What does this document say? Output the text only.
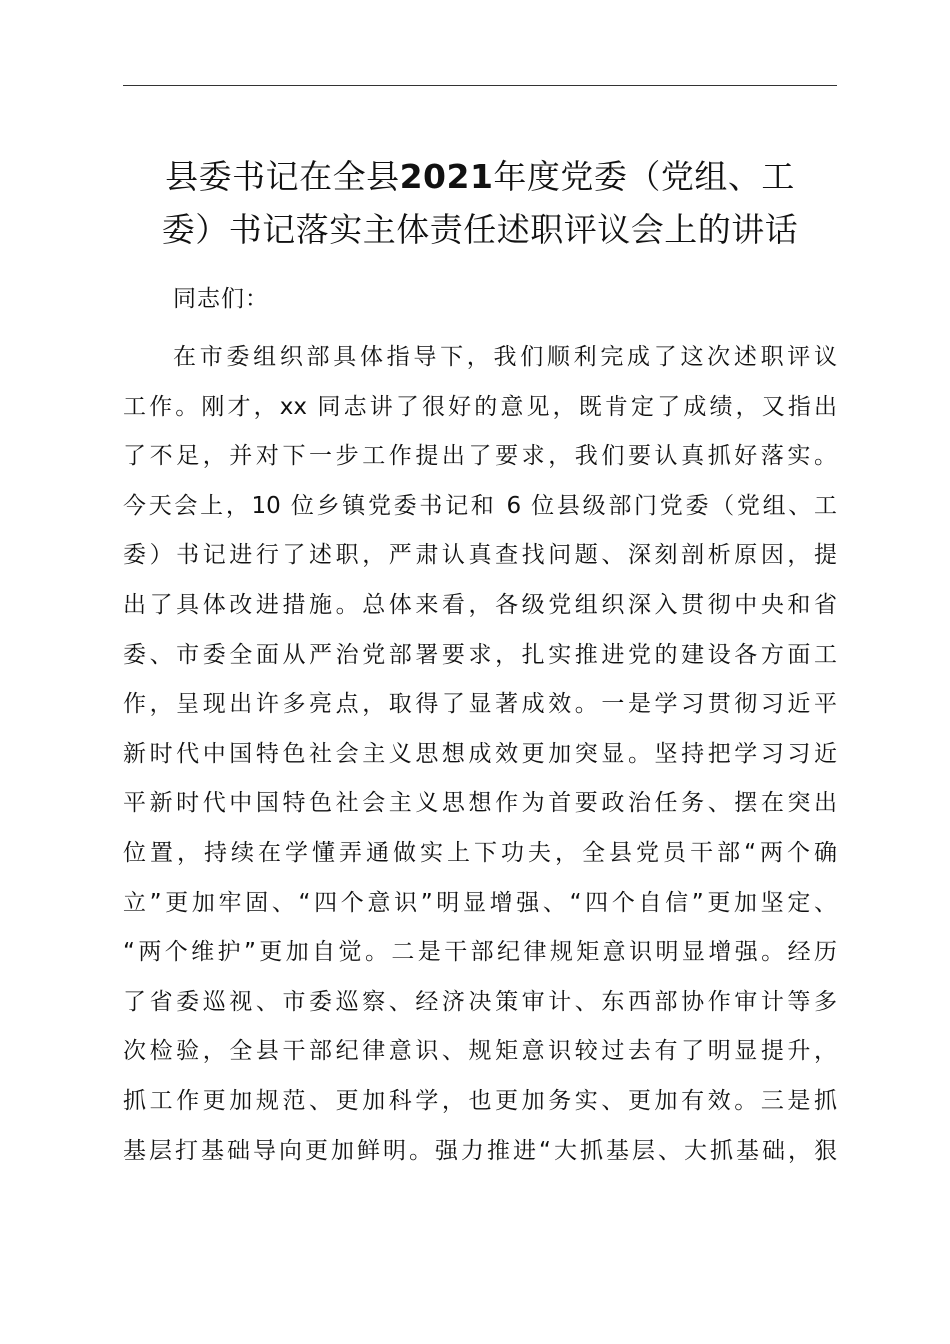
县委书记在全县2021年度党委（党组、工
委）书记落实主体责任述职评议会上的讲话

同志们：

在市委组织部具体指导下，我们顺利完成了这次述职评议
工作。刚才，xx 同志讲了很好的意见，既肯定了成绩，又指出
了不足，并对下一步工作提出了要求，我们要认真抓好落实。
今天会上，10 位乡镇党委书记和 6 位县级部门党委（党组、工
委）书记进行了述职，严肃认真查找问题、深刻剖析原因，提
出了具体改进措施。总体来看，各级党组织深入贯彻中央和省
委、市委全面从严治党部署要求，扎实推进党的建设各方面工
作，呈现出许多亮点，取得了显著成效。一是学习贯彻习近平
新时代中国特色社会主义思想成效更加突显。坚持把学习习近
平新时代中国特色社会主义思想作为首要政治任务、摆在突出
位置，持续在学懂弄通做实上下功夫，全县党员干部“两个确
立”更加牢固、“四个意识”明显增强、“四个自信”更加坚定、
“两个维护”更加自觉。二是干部纪律规矩意识明显增强。经历
了省委巡视、市委巡察、经济决策审计、东西部协作审计等多
次检验，全县干部纪律意识、规矩意识较过去有了明显提升，
抓工作更加规范、更加科学，也更加务实、更加有效。三是抓
基层打基础导向更加鲜明。强力推进“大抓基层、大抓基础，狠
